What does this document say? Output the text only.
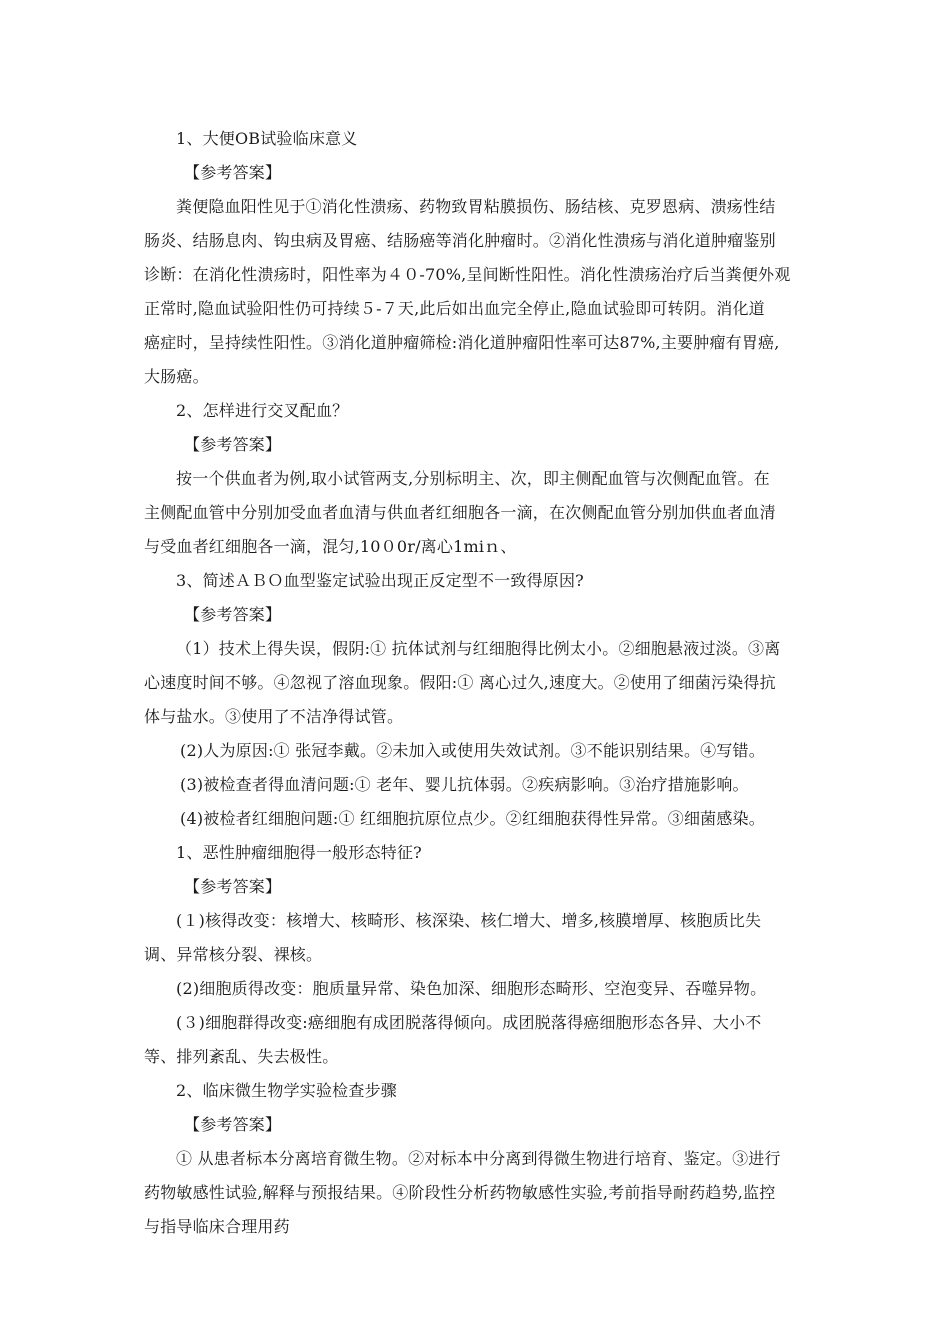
1、大便OB试验临床意义
【参考答案】
粪便隐血阳性见于①消化性溃疡、药物致胃粘膜损伤、肠结核、克罗恩病、溃疡性结
肠炎、结肠息肉、钩虫病及胃癌、结肠癌等消化肿瘤时。②消化性溃疡与消化道肿瘤鉴别
诊断：在消化性溃疡时，阳性率为４０-70%,呈间断性阳性。消化性溃疡治疗后当粪便外观
正常时,隐血试验阳性仍可持续５-７天,此后如出血完全停止,隐血试验即可转阴。消化道
癌症时，呈持续性阳性。③消化道肿瘤筛检:消化道肿瘤阳性率可达87%,主要肿瘤有胃癌,
大肠癌。
2、怎样进行交叉配血？
【参考答案】
按一个供血者为例,取小试管两支,分别标明主、次，即主侧配血管与次侧配血管。在
主侧配血管中分别加受血者血清与供血者红细胞各一滴，在次侧配血管分别加供血者血清
与受血者红细胞各一滴，混匀,10０0r/离心1miｎ、
3、简述ＡＢＯ血型鉴定试验出现正反定型不一致得原因?
【参考答案】
（1）技术上得失误，假阴:① 抗体试剂与红细胞得比例太小。②细胞悬液过淡。③离
心速度时间不够。④忽视了溶血现象。假阳:① 离心过久,速度大。②使用了细菌污染得抗
体与盐水。③使用了不洁净得试管。
(2)人为原因:① 张冠李戴。②未加入或使用失效试剂。③不能识别结果。④写错。
(3)被检查者得血清问题:① 老年、婴儿抗体弱。②疾病影响。③治疗措施影响。
(4)被检者红细胞问题:① 红细胞抗原位点少。②红细胞获得性异常。③细菌感染。
1、恶性肿瘤细胞得一般形态特征?
【参考答案】
(１)核得改变：核增大、核畸形、核深染、核仁增大、增多,核膜增厚、核胞质比失
调、异常核分裂、裸核。
(2)细胞质得改变：胞质量异常、染色加深、细胞形态畸形、空泡变异、吞噬异物。
(３)细胞群得改变:癌细胞有成团脱落得倾向。成团脱落得癌细胞形态各异、大小不
等、排列紊乱、失去极性。
2、临床微生物学实验检查步骤
【参考答案】
① 从患者标本分离培育微生物。②对标本中分离到得微生物进行培育、鉴定。③进行
药物敏感性试验,解释与预报结果。④阶段性分析药物敏感性实验,考前指导耐药趋势,监控
与指导临床合理用药
